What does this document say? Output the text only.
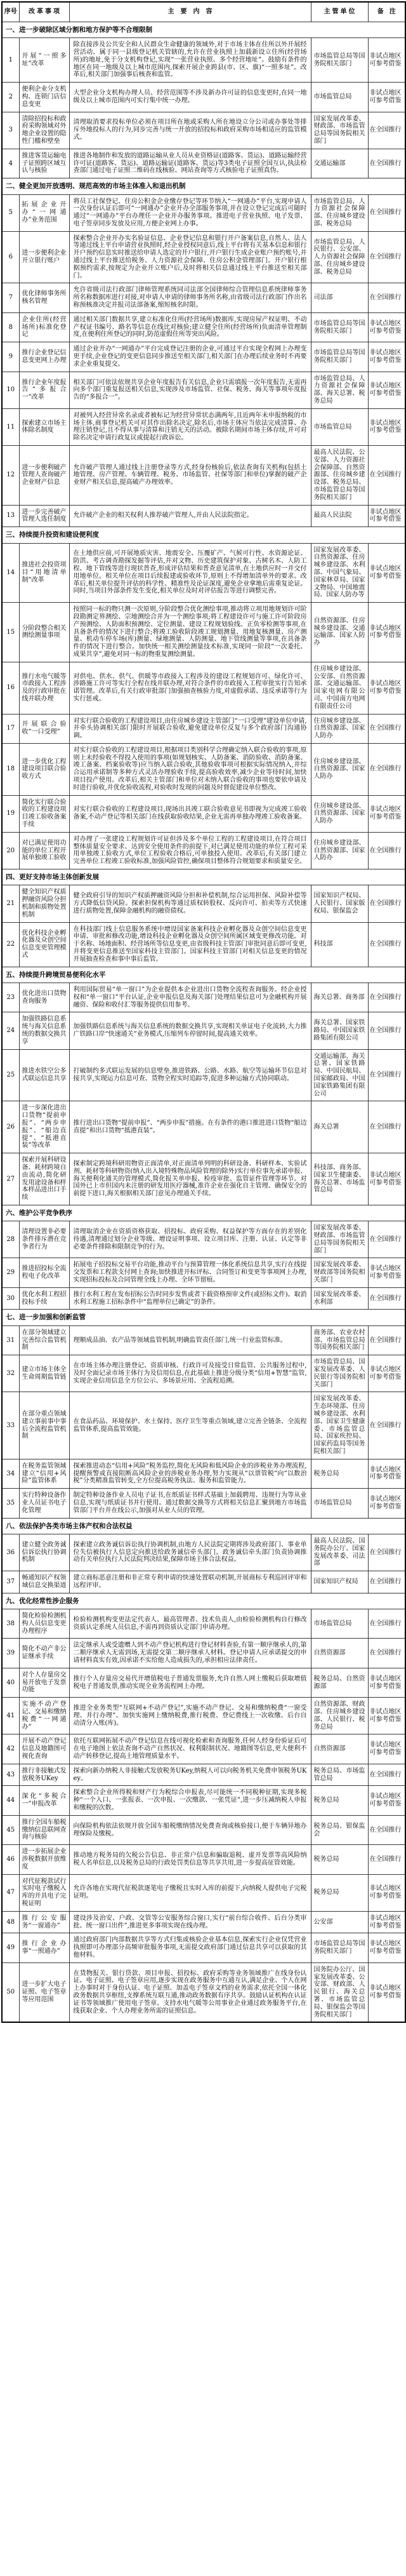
序号	改革事项	主要内容	主管单位	备注
一、进一步破除区域分割和地方保护等不合理限制				
1	开展“一照多址”改革	除直接涉及公共安全和人民群众生命健康的领域外,对于市场主体在住所以外开展经营活动、属于同一县级登记机关管辖的,允许在营业执照上加载新设立住所(经营场所)的地址,免于分支机构登记,实现“一张营业执照、多个经营地址”。鼓励有条件的地区在同一地级及以上城市范围内,探索开展企业跨县(市、区、旗)“一照多址”。改革后,相关部门加强事后核查和监管。	市场监管总局等国务院相关部门	非试点地区可参考借鉴
2	便利企业分支机构、连锁门店信息变更	大型企业分支机构办理人员、经营范围等不涉及新办许可证的信息变更时,在同一地级及以上城市范围内可实行集中统一办理。	市场监管总局	非试点地区可参考借鉴
3	清除招投标和政府采购领域对外地企业设置的隐性门槛和壁垒	清理取消要求投标单位必须在项目所在地或采购人所在地设立分公司或办事处等排斥外地投标人的行为,同步完善与统一开放的招投标和政府采购市场相适应的监管模式。	国家发展改革委、财政部、市场监管总局等国务院相关部门	在全国推行
4	推进客货运输电子证照跨区域互认与核验	推进各地制作和发放的道路运输从业人员从业资格证(道路客、货运)、道路运输经营许可证(道路客、货运)、道路运输证(道路客、货运)等3类电子证照全国互认,执法检查部门通过电子证照二维码在线核验、网站查询等方式核验电子证照真伪。	交通运输部	在全国推行
二、健全更加开放透明、规范高效的市场主体准入和退出机制				
5	拓展企业开办“一网通办”业务范围	将员工社保登记、住房公积金企业缴存登记等环节纳入“一网通办”平台,实现申请人一次身份认证后即可“一网通办”企业开办全部服务事项,并在设立登记完成后可随时通过“一网通办”平台办理任一企业开办服务事项。推进电子营业执照、电子发票、电子签章同步发放及应用,方便企业网上办事。	市场监管总局、人力资源社会保障部、住房城乡建设部、税务总局	在全国推行
6	进一步便利企业开立银行账户	探索整合企业开办实名验证信息、企业登记信息和银行开户备案信息,自然人、法人等通过线上平台申请营业执照时,经企业授权同意后,线上平台将有关基本信息和银行开户预约信息实时推送给申请人选定的开户银行,开户银行生成企业账户预约账号,并通过线上平台推送给税务、人力资源社会保障、住房公积金管理部门。开户银行根据预约需求,按规定为企业开立账户后,及时将相关信息通过线上平台推送至相关部门。	市场监管总局、人民银行、公安部、人力资源社会保障部、住房城乡建设部、税务总局	在全国推行
7	优化律师事务所核名管理	允许省级司法行政部门律师管理系统同司法部全国律师综合管理信息系统律师事务所名称数据库进行对接,对申请人申请的律师事务所名称,由省级司法行政部门作出名称预核准决定并报司法部备案,缩短核名时限。	司法部	在全国推行
8	企业住所(经营场所)标准化登记	通过相关部门数据共享,建立标准化住所(经营场所)数据库,实现房屋产权证明、不动产权证书编号、路名等信息在线比对核验;建立健全住所(经营场所)负面清单管理制度,在便利住所登记的同时,防范虚假住所等突出风险。	市场监管总局等国务院相关部门	非试点地区可参考借鉴
9	推行企业登记信息变更网上办理	通过企业开办“一网通办”平台完成登记注册的企业,可通过平台实现全程网上办理变更手续,企业登记的变更信息同步推送至相关部门,相关部门在办理后续业务时不再要求企业重复提交。	市场监管总局等国务院相关部门	非试点地区可参考借鉴
10	推行企业年度报告“多报合一”改革	相关部门可依法依规共享企业年度报告有关信息,企业只需填报一次年度报告,无需再向多个部门重复报送相关信息,实现涉及市场监管、社保、税务、海关等事项年度报告的“多报合一”。	市场监管总局、人力资源社会保障部、海关总署、税务总局	非试点地区可参考借鉴
11	探索建立市场主体除名制度	对被列入经营异常名录或者被标记为经营异常状态满两年,且近两年未申报纳税的市场主体,商事登记机关可对其作出除名决定,除名后,市场主体应当依法完成清算、办理注销登记,且不得从事与清算和注销无关的活动。被除名期间市场主体存续,并可对除名决定申请行政复议或提起行政诉讼。	市场监管总局	非试点地区可参考借鉴
12	进一步便利破产管理人查询破产企业财产信息	允许破产管理人通过线上注册登录等方式,经身份核验后,依法查询有关机构(包括土地管理、房产管理、车辆管理、税务、市场监管、社保等部门和单位)掌握的破产企业财产相关信息,提高破产办理效率。	最高人民法院、公安部、人力资源社会保障部、自然资源部、住房城乡建设部、税务总局、市场监管总局等国务院相关部门	在全国推行
13	进一步完善破产管理人选任制度	允许破产企业的相关权利人推荐破产管理人,并由人民法院指定。	最高人民法院	非试点地区可参考借鉴
三、持续提升投资和建设便利度				
14	推进社会投资项目“用地清单制”改革	在土地供应前,可开展地质灾害、地震安全、压覆矿产、气候可行性、水资源论证、防洪、考古调查勘探发掘等评估,并对文物、历史建筑保护对象、古树名木、人防工程、地下管线等进行现状普查,形成评估结果和普查意见清单,在土地供应时一并交付用地单位。相关单位在项目后续报建或验收环节,原则上不得增加清单外的要求。改革后,相关单位提升评估的科学性、精准性及论证深度,避免企业拿地后需重复论证。同时,当项目外部条件发生变化,相关单位及时对评估报告等进行调整完善。	国家发展改革委、自然资源部、住房城乡建设部、水利部、中国气象局、国家林草局、国家文物局、中国地震局、国家人防办等	非试点地区可参考借鉴
15	分阶段整合相关测绘测量事项	按照同一标的物只测一次原则,分阶段整合优化测绘事项,推动将立项用地规划许可阶段勘测定界测绘、宗地测绘合并为一个测绘事项;将工程建设许可与施工许可阶段房产预测绘、人防面积预测绘、定位测量、建设工程规划验线、正负零检测等事项,在具备条件的情况下进行整合;将竣工验收阶段竣工规划测量、用地复核测量、房产测量、机动车停车场(库)测量、绿地测量、人防测量、地下管线测量等事项,在具备条件的情况下进行整合。加快统一相关测绘测量技术标准,实现同一阶段“一次委托、成果共享”,避免对同一标的物重复测绘测量。	自然资源部、住房城乡建设部、交通运输部、国家人防办	非试点地区可参考借鉴
16	推行水电气暖等市政接入工程涉及的行政审批在线并联办理	对供电、供水、供气、供暖等市政接入工程涉及的建设工程规划许可、绿化许可、涉路施工许可等实行全程在线并联办理,对符合条件的市政接入工程审批实行告知承诺管理。改革后,有关行政审批部门加强抽查核验力度,对虚假承诺、违反承诺等行为实行惩戒。	住房城乡建设部、公安部、自然资源部、交通运输部、国家电网有限公司、中国南方电网有限责任公司	非试点地区可参考借鉴
17	开展联合验收“一口受理”	对实行联合验收的工程建设项目,由住房城乡建设主管部门“一口受理”建设单位申请,并牵头协调相关部门限时开展联合验收,避免建设单位反复与多个政府部门沟通协调。	住房城乡建设部、自然资源部、国家人防办	在全国推行
18	进一步优化工程建设项目联合验收方式	对实行联合验收的工程建设项目,根据项目类别科学合理确定纳入联合验收的事项,原则上未经验收不得投入使用的事项(如规划核实、人防备案、消防验收、消防备案、竣工备案、档案验收等)应当纳入联合验收,其他验收事项可根据实际情况纳入,并综合运用承诺制等多种方式灵活办理验收手续,提高验收效率,减少企业等待时间,加快项目投产使用。改革后,相关主管部门和单位对未纳入联合验收的事项也要依申请及时进行验收,并优化验收流程,对验收时发现的问题及时督促建设单位整改。	住房城乡建设部、自然资源部、国家人防办	在全国推行
19	简化实行联合验收的工程建设项目竣工验收备案手续	对实行联合验收的工程建设项目,现场出具竣工联合验收意见书即视为完成竣工验收备案,不动产登记等相关部门在线获取验收结果,企业无需再单独办理竣工验收备案。	住房城乡建设部、自然资源部、国家人防办	非试点地区可参考借鉴
20	对已满足使用功能的单位工程开展单独竣工验收	对办理了一张建设工程规划许可证但涉及多个单位工程的工程建设项目,在符合项目整体质量安全要求、达到安全使用条件的前提下,对已满足使用功能的单位工程可采用单独竣工验收方式,单位工程验收合格后,可单独投入使用。改革后,有关部门建立完善单位工程竣工验收标准,加强风险管控,确保项目整体符合规划要求和质量安全。	住房城乡建设部、自然资源部、国家人防办	在全国推行
四、更好支持市场主体创新发展				
21	健全知识产权质押融资风险分担机制和质物处置机制	健全政府引导的知识产权质押融资风险分担和补偿机制,综合运用担保、风险补偿等方式降低信贷风险。探索担保机构等通过质权转股权、反向许可、拍卖等方式快速进行质物处置,保障金融机构的融资债权。	国家知识产权局、人民银行、国家版权局、银保监会	在全国推行
22	优化科技企业孵化器及众创空间信息变更管理模式	在科技部门线上信息服务系统中增设国家备案科技企业孵化器及众创空间信息变更申请、审批和修改功能,增设科技企业孵化器及众创空间所属区域变更修改功能。对于名称、场地面积、经营场所等信息变更,由省级科技主管部门审批同意后即可变更,并将变更信息推送至国家科技主管部门。国家科技主管部门对相关信息变更的情况开展抽查检查和事中事后监管。	科技部	在全国推行
五、持续提升跨境贸易便利化水平				
23	优化进出口货物查询服务	利用国际贸易“单一窗口”为企业提供本企业进出口货物全流程查询服务。经企业授权和“单一窗口”平台认证,企业申报信息及海关部门处理结果信息可为金融机构开展融资、保险和收付汇等服务提供信用参考。	海关总署、商务部	在全国推行
24	加强铁路信息系统与海关信息系统的数据交换共享	加强铁路信息系统与海关信息系统的数据交换共享,实现相关单证电子化流转,大力推广铁路口岸“快速通关”业务模式,压缩列车停留时间,提高通关效率。	海关总署、国家铁路局、中国国家铁路集团有限公司	在全国推行
25	推进水铁空公多式联运信息共享	打破制约多式联运发展的信息壁垒,推进铁路、公路、水路、航空等运输环节信息对接共享,实现运力信息可查、货物全程实时追踪等,促进多种运输方式协同联动。	交通运输部、海关总署、国家铁路局、中国民航局、国家邮政局、中国国家铁路集团有限公司	在全国推行
26	进一步深化进出口货物“提前申报”、“两步申报”、“船边直提”、“抵港直装”等改革	推行进出口货物“提前申报”、“两步申报”措施。在有条件的港口推进进口货物“船边直提”和出口货物“抵港直装”。	海关总署	在全国推行
27	探索开展科研设备、耗材跨境自由流动,简化研发用途设备和样本样品进出口手续	探索制定跨境科研用物资正面清单,对正面清单列明的科研设备、科研样本、实验试剂、耗材等科研物资(纳入出入境特殊物品风险管理的除外)实行单位事先承诺申报、海关便利化通关的管理模式,简化报关单申报、检疫审批、监管证件管理等环节。对国外已上市但国内未注册的研发用医疗器械,准许企业在强化自主管理、确保安全的前提下进口,海关根据相关部门意见办理通关手续。	科技部、商务部、国家卫生健康委、海关总署、市场监管总局	非试点地区可参考借鉴
六、维护公平竞争秩序				
28	清理设置非必要条件排斥潜在竞争者行为	清理取消企业在资质资格获取、招投标、政府采购、权益保护等方面存在的差别化待遇,清理通过划分企业等级、增设证明事项、设立项目库、注册、认证、认定等非必要条件排除和限制竞争的行为。	国家发展改革委、财政部、市场监管总局等国务院相关部门	在全国推行
29	推进招投标全流程电子化改革	拓展电子招投标交易平台功能,推动平台与预算管理一体化系统信息共享,实行在线提交发票和工程款支付网上查询;加快推进开标评标、合同签订和变更等事项网上办理,实现招标投标及合同管理全线上办理、全环节留痕。	国家发展改革委、财政部等国务院相关部门	非试点地区可参考借鉴
30	优化水利工程招投标手续	推行水利工程在发布招标公告时同步发售或者下载资格预审文件(或招标文件)。取消水利工程施工招标条件中“监理单位已确定”的条件。	国家发展改革委、水利部	在全国推行
七、进一步加强和创新监管				
31	在部分领域建立完善综合监管机制	理顺成品油、农产品等领域监管机制,明确监管责任部门,统一行业监管标准。	商务部、农业农村部、市场监管总局等国务院相关部门	在全国推行
32	建立市场主体全生命周期监管链	在市场主体办理注册登记、资质审核、行政许可及接受日常监管、公共服务过程中,及时全面记录市场主体行为及信用信息,在此基础上推进分级分类“信用+智慧”监管,实现企业信用信息全方位公示、多场景应用、全流程追溯。	市场监管总局、国家发展改革委、人民银行等国务院相关部门	非试点地区可参考借鉴
33	在部分重点领域建立事前事中事后全流程监管机制	在食品药品、环境保护、水土保持、医疗卫生等重点领域,建立完善全链条、全流程监管体系,提高监管效能。	国家发展改革委、生态环境部、住房城乡建设部、水利部、国家卫生健康委、市场监管总局、国家疾控局、国家药监局等国务院相关部门	在全国推行
34	在税务监管领域建立“信用+风险”监管体系	探索推进动态“信用+风险”税务监控,简化无风险和低风险企业的涉税业务办理流程,提醒预警或直接阻断高风险企业的涉税业务办理,努力实现从“以票管税”向“以数治税”分类精准监管转变,全方位提高税务执法、服务和监管能力。	税务总局	非试点地区可参考借鉴
35	实行特种设备作业人员证书电子化管理	制定特种设备作业人员电子证书,在纸质证书样式基础上加载聘用、违规行为等从业信息,实现与纸质证书并行使用。通过数据交换等方式将相关信息汇聚到地方市场监管部门平台并在线公示,加强对从业人员的管理。	市场监管总局	非试点地区可参考借鉴
八、依法保护各类市场主体产权和合法权益				
36	建立健全政务诚信诉讼执行协调机制	探索建立政务诚信诉讼执行协调机制,由地方人民法院定期将涉及政府部门、事业单位失信被执行人信息定向推送给政务诚信牵头部门。政务诚信牵头部门负责协调推动有关单位执行人民法院判决结果,保障市场主体合法权益。	最高人民法院、国务院办公厅、国家发展改革委、司法部	在全国推行
37	畅通知识产权领域信息交换渠道	建立商标恶意注册和非正常专利申请的快速处置联动机制,开展商标专利巡回评审和远程评审。	国家知识产权局	在全国推行
九、优化经常性涉企服务				
38	简化检验检测机构人员信息变更办理程序	检验检测机构变更法定代表人、最高管理者、技术负责人,由检验检测机构自行修改资质认定系统人员信息,不需再到资质认定部门申请办理。	市场监管总局	在全国推行
39	简化不动产非公证继承手续	法定继承人或受遗赠人到不动产登记机构进行登记材料查验,有第一顺序继承人的,第二顺序继承人无需到场,无需提交第二顺序继承人材料。登记申请人应承诺提交的申请材料真实有效,因承诺不实给他人造成损失的,承担相应法律责任。	自然资源部	在全国推行
40	对个人存量房交易开放电子发票功能	推行个人存量房交易代开增值税电子普通发票服务,允许自然人网上缴税后获取增值税电子普通发票,推动实现全业务流程网上办理。	税务总局、自然资源部	非试点地区可参考借鉴
41	实施不动产登记、交易和缴纳税费“一网通办”	推进全业务类型“互联网+不动产登记”,实施不动产登记、交易和缴纳税费“一窗受理、并行办理”。加快实施网上缴纳税费,推行税费、登记费线上一次收缴、后台自动清分入账(库)。	自然资源部、财政部、住房城乡建设部、人民银行、税务总局	非试点地区可参考借鉴
42	开展不动产登记信息及地籍图可视化查询	依托互联网拓展不动产登记信息在线可视化检索和查询服务,任何人经身份验证后可在电子地图上依法查询不动产自然状况、权利限制状况、地籍图等信息,更大便利不动产转移登记,提高土地管理质量水平。	自然资源部	非试点地区可参考借鉴
43	推行非接触式发放税务UKey	探索向新办纳税人非接触式发放税务UKey,纳税人可以向税务机关免费申领税务UKey。	税务总局、市场监管总局	在全国推行
44	深化“多税合一”申报改革	探索整合企业所得税和财产行为税综合申报表,尽可能统一不同税种征期,实现多税种“一个入口、一张报表、一次申报、一次缴款、一张凭证”,进一步压减纳税人申报和缴税的次数。	税务总局	非试点地区可参考借鉴
45	推行全国车船税缴纳信息联网查询与核验	向保险机构依法依规开放全国车船税缴纳情况免费查询或核验接口,便于车辆异地办理保险及缴税。	税务总局、银保监会	在全国推行
46	进一步拓展企业涉税数据开放维度	推动地方税务局的欠税公告信息、非正常户信息和骗取退税、虚开发票等高风险纳税人名单信息,以及税务总局的行政处罚类信息等共享共用,进一步提高征管效能。	税务总局	在全国推行
47	对代征税款试行实时电子缴税入库的开具电子完税证明	允许各地在实现代征税款逐笔电子缴税且实时入库的前提下,向纳税人提供电子完税证明。	税务总局	非试点地区可参考借鉴
48	推行公安服务“一窗通办”	建设涉及治安、户政、交管等公安服务综合窗口,实行“前台综合收件、后台分类审批、统一窗口出件”,推进更多事项实现在线办理。	公安部	非试点地区可参考借鉴
49	推行企业办事“一照通办”	通过政府部门内部数据共享等方式归集或核验企业基本信息,探索实行企业仅凭营业执照即可办理部分高频审批服务事项,无需提交政府部门通过信息共享可以获取的其他材料。	市场监管总局等国务院相关部门	非试点地区可参考借鉴
50	进一步扩大电子证照、电子签章等应用范围	在货物报关、银行贷款、项目申报、招投标、政府采购等业务领域推广在线身份认证、电子证照、电子签章应用,逐步实现在政务服务中互通互认,满足企业、个人在网上办事时对于身份认证、电子证照、加盖电子签章文档的业务需求,依托全国一体化政务数据共享枢纽,支撑系统互联互通,推动政务数据有序共享。鼓励认证机构在认证证书等领域推广使用电子签章。支持水电气暖等公用事业企业通过政务服务平台,在线获取企业、个人办理业务所需的证照信息。	国务院办公厅、国家发展改革委、公安部、财政部、人民银行、海关总署、市场监管总局、银保监会等国务院相关部门	非试点地区可参考借鉴
